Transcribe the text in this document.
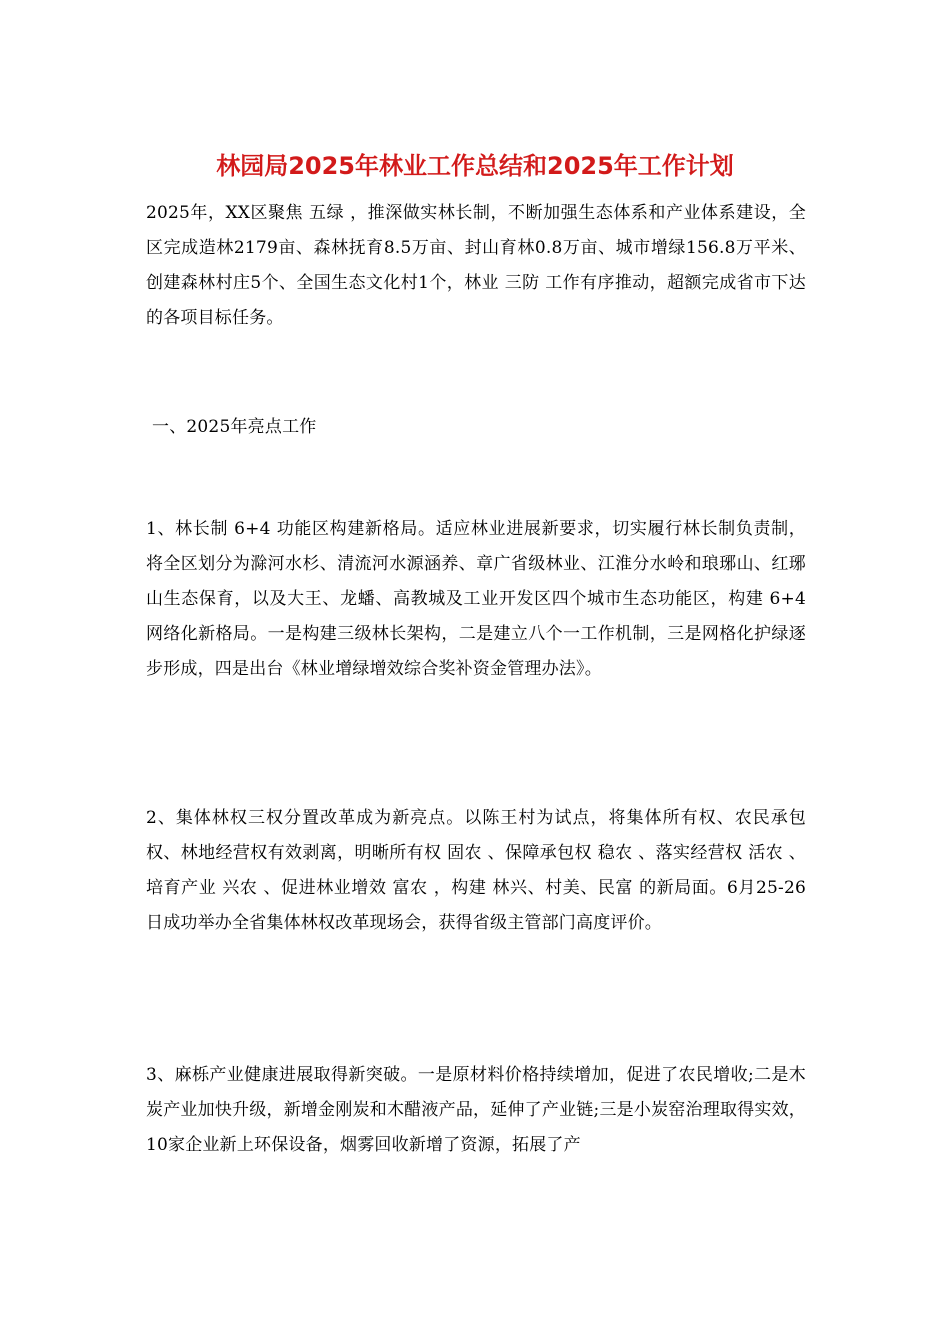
林园局2025年林业工作总结和2025年工作计划

2025年，XX区聚焦 五绿 ，推深做实林长制，不断加强生态体系和产业体系建设，全区完成造林2179亩、森林抚育8.5万亩、封山育林0.8万亩、城市增绿156.8万平米、创建森林村庄5个、全国生态文化村1个，林业 三防 工作有序推动，超额完成省市下达的各项目标任务。

一、2025年亮点工作

1、林长制 6+4 功能区构建新格局。适应林业进展新要求，切实履行林长制负责制，将全区划分为滁河水杉、清流河水源涵养、章广省级林业、江淮分水岭和琅琊山、红琊山生态保育，以及大王、龙蟠、高教城及工业开发区四个城市生态功能区，构建 6+4 网络化新格局。一是构建三级林长架构，二是建立八个一工作机制，三是网格化护绿逐步形成，四是出台《林业增绿增效综合奖补资金管理办法》。

2、集体林权三权分置改革成为新亮点。以陈王村为试点，将集体所有权、农民承包权、林地经营权有效剥离，明晰所有权 固农 、保障承包权 稳农 、落实经营权 活农 、培育产业 兴农 、促进林业增效 富农 ，构建 林兴、村美、民富 的新局面。6月25-26日成功举办全省集体林权改革现场会，获得省级主管部门高度评价。

3、麻栎产业健康进展取得新突破。一是原材料价格持续增加，促进了农民增收;二是木炭产业加快升级，新增金刚炭和木醋液产品，延伸了产业链;三是小炭窑治理取得实效，10家企业新上环保设备，烟雾回收新增了资源，拓展了产
